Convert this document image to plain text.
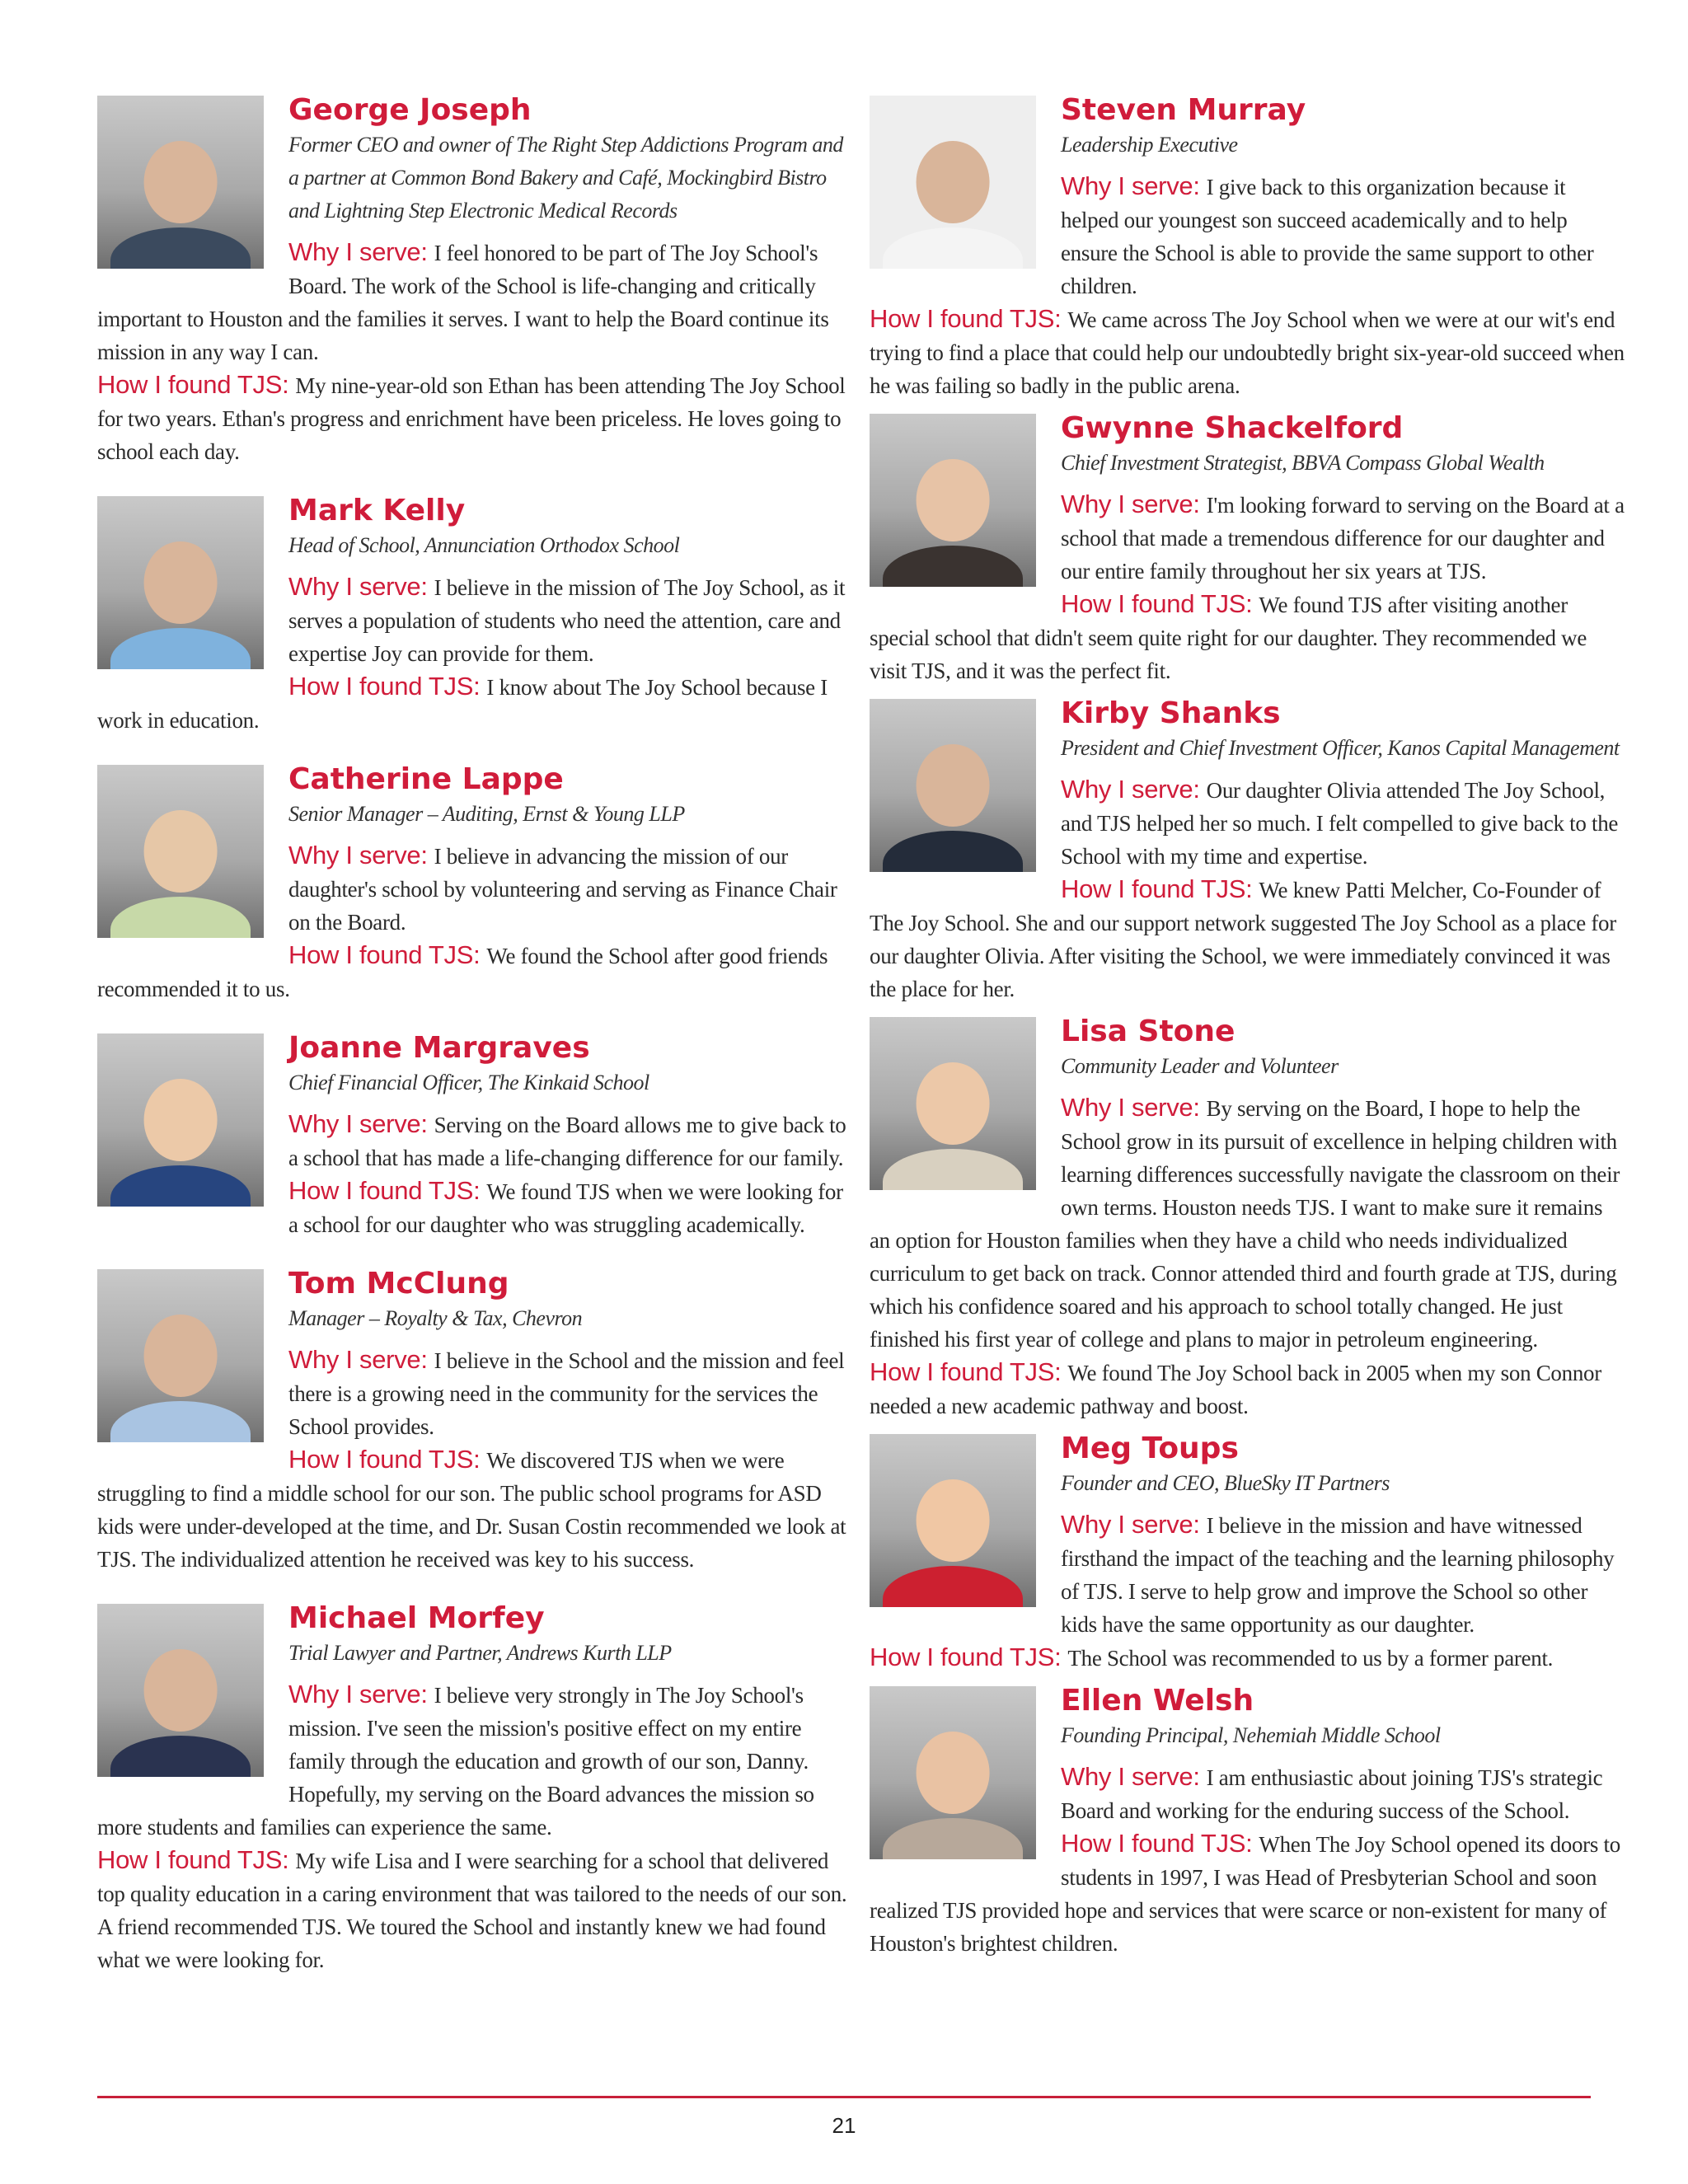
George Joseph

Former CEO and owner of The Right Step Addictions Program and a partner at Common Bond Bakery and Café, Mockingbird Bistro and Lightning Step Electronic Medical Records

Why I serve: I feel honored to be part of The Joy School's Board. The work of the School is life-changing and critically important to Houston and the families it serves. I want to help the Board continue its mission in any way I can.

How I found TJS: My nine-year-old son Ethan has been attending The Joy School for two years. Ethan's progress and enrichment have been priceless. He loves going to school each day.

Mark Kelly

Head of School, Annunciation Orthodox School

Why I serve: I believe in the mission of The Joy School, as it serves a population of students who need the attention, care and expertise Joy can provide for them.

How I found TJS: I know about The Joy School because I work in education.

Catherine Lappe

Senior Manager – Auditing, Ernst & Young LLP

Why I serve: I believe in advancing the mission of our daughter's school by volunteering and serving as Finance Chair on the Board.

How I found TJS: We found the School after good friends recommended it to us.

Joanne Margraves

Chief Financial Officer, The Kinkaid School

Why I serve: Serving on the Board allows me to give back to a school that has made a life-changing difference for our family.

How I found TJS: We found TJS when we were looking for a school for our daughter who was struggling academically.

Tom McClung

Manager – Royalty & Tax, Chevron

Why I serve: I believe in the School and the mission and feel there is a growing need in the community for the services the School provides.

How I found TJS: We discovered TJS when we were struggling to find a middle school for our son. The public school programs for ASD kids were under-developed at the time, and Dr. Susan Costin recommended we look at TJS. The individualized attention he received was key to his success.

Michael Morfey

Trial Lawyer and Partner, Andrews Kurth LLP

Why I serve: I believe very strongly in The Joy School's mission. I've seen the mission's positive effect on my entire family through the education and growth of our son, Danny. Hopefully, my serving on the Board advances the mission so more students and families can experience the same.

How I found TJS: My wife Lisa and I were searching for a school that delivered top quality education in a caring environment that was tailored to the needs of our son. A friend recommended TJS. We toured the School and instantly knew we had found what we were looking for.

Steven Murray

Leadership Executive

Why I serve: I give back to this organization because it helped our youngest son succeed academically and to help ensure the School is able to provide the same support to other children.

How I found TJS: We came across The Joy School when we were at our wit's end trying to find a place that could help our undoubtedly bright six-year-old succeed when he was failing so badly in the public arena.

Gwynne Shackelford

Chief Investment Strategist, BBVA Compass Global Wealth

Why I serve: I'm looking forward to serving on the Board at a school that made a tremendous difference for our daughter and our entire family throughout her six years at TJS.

How I found TJS: We found TJS after visiting another special school that didn't seem quite right for our daughter. They recommended we visit TJS, and it was the perfect fit.

Kirby Shanks

President and Chief Investment Officer, Kanos Capital Management

Why I serve: Our daughter Olivia attended The Joy School, and TJS helped her so much. I felt compelled to give back to the School with my time and expertise.

How I found TJS: We knew Patti Melcher, Co-Founder of The Joy School. She and our support network suggested The Joy School as a place for our daughter Olivia. After visiting the School, we were immediately convinced it was the place for her.

Lisa Stone

Community Leader and Volunteer

Why I serve: By serving on the Board, I hope to help the School grow in its pursuit of excellence in helping children with learning differences successfully navigate the classroom on their own terms. Houston needs TJS. I want to make sure it remains an option for Houston families when they have a child who needs individualized curriculum to get back on track. Connor attended third and fourth grade at TJS, during which his confidence soared and his approach to school totally changed. He just finished his first year of college and plans to major in petroleum engineering.

How I found TJS: We found The Joy School back in 2005 when my son Connor needed a new academic pathway and boost.

Meg Toups

Founder and CEO, BlueSky IT Partners

Why I serve: I believe in the mission and have witnessed firsthand the impact of the teaching and the learning philosophy of TJS. I serve to help grow and improve the School so other kids have the same opportunity as our daughter.

How I found TJS: The School was recommended to us by a former parent.

Ellen Welsh

Founding Principal, Nehemiah Middle School

Why I serve: I am enthusiastic about joining TJS's strategic Board and working for the enduring success of the School.

How I found TJS: When The Joy School opened its doors to students in 1997, I was Head of Presbyterian School and soon realized TJS provided hope and services that were scarce or non-existent for many of Houston's brightest children.

21
